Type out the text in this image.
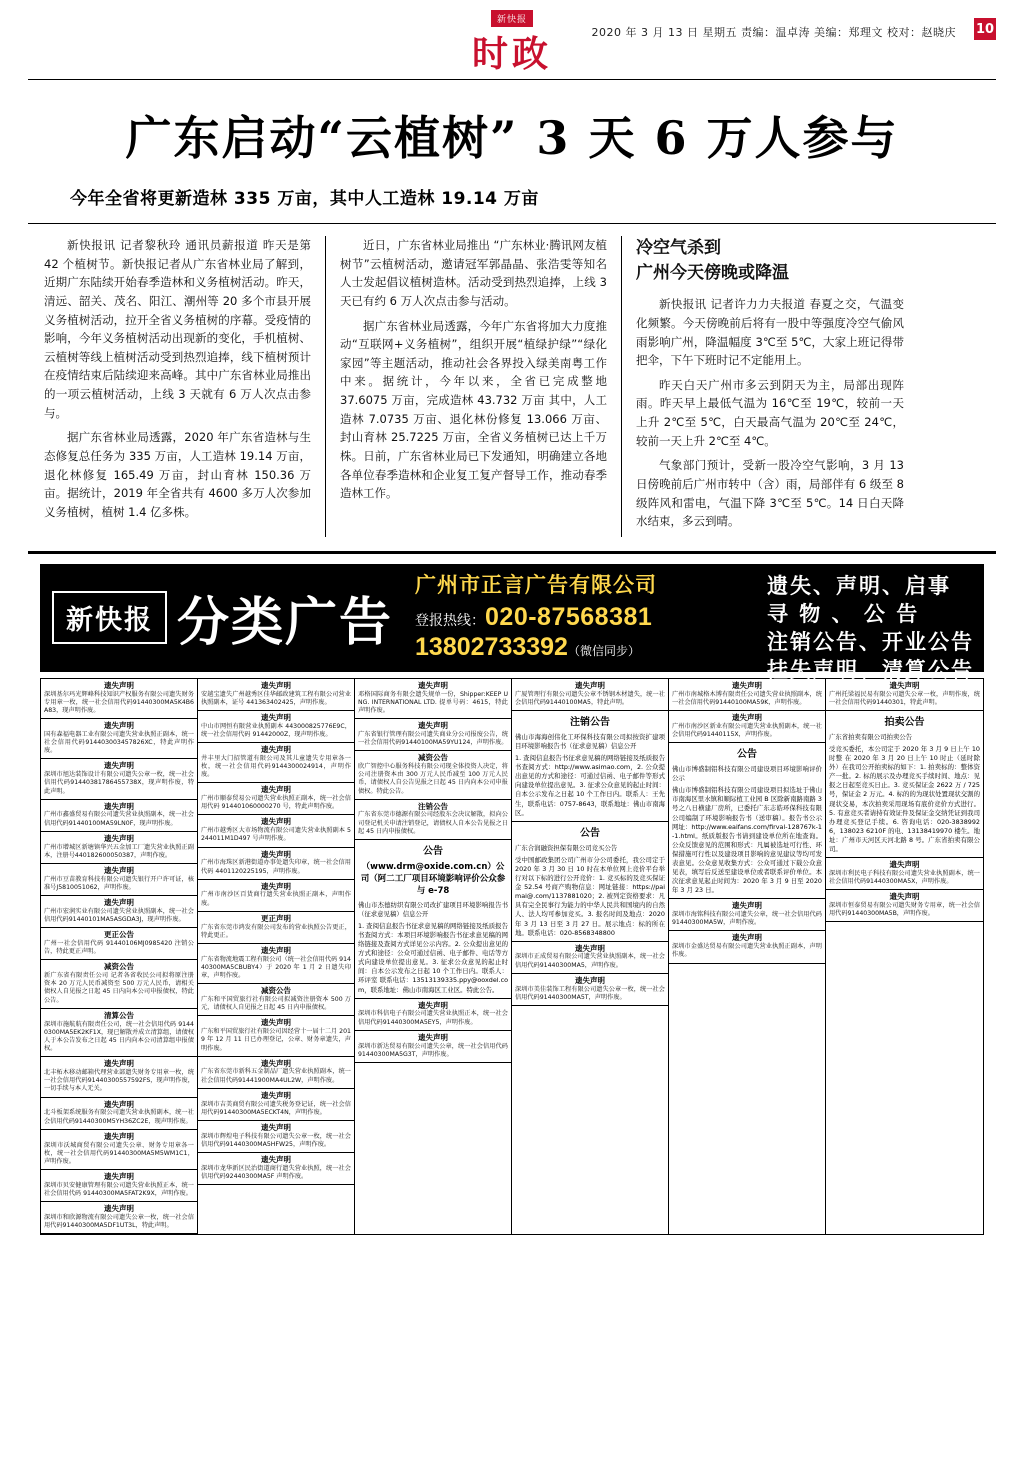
新快报
时政
2020 年 3 月 13 日 星期五 责编：温卓涛 美编：郑理文 校对：赵晓庆 10
广东启动“云植树” 3 天 6 万人参与
今年全省将更新造林 335 万亩，其中人工造林 19.14 万亩

新快报讯 记者黎秋玲 通讯员薪报道 昨天是第 42 个植树节。新快报记者从广东省林业局了解到，近期广东陆续开始春季造林和义务植树活动。昨天，清远、韶关、茂名、阳江、潮州等 20 多个市县开展义务植树活动，拉开全省义务植树的序幕。受疫情的影响，今年义务植树活动出现新的变化，手机植树、云植树等线上植树活动受到热烈追捧，线下植树预计在疫情结束后陆续迎来高峰。其中广东省林业局推出的一项云植树活动，上线 3 天就有 6 万人次点击参与。

据广东省林业局透露，2020 年广东省造林与生态修复总任务为 335 万亩，人工造林 19.14 万亩，退化林修复 165.49 万亩，封山育林 150.36 万亩。据统计，2019 年全省共有 4600 多万人次参加义务植树，植树 1.4 亿多株。

近日，广东省林业局推出 “广东林业·腾讯网友植树节”云植树活动，邀请冠军郭晶晶、张浩雯等知名人士发起倡议植树造林。活动受到热烈追捧，上线 3 天已有约 6 万人次点击参与活动。

据广东省林业局透露，今年广东省将加大力度推动“互联网+义务植树”，组织开展“植绿护绿”“绿化家园”等主题活动，推动社会各界投入绿美南粤工作中来。据统计，今年以来，全省已完成整地 37.6075 万亩，完成造林 43.732 万亩 其中，人工造林 7.0735 万亩、退化林份修复 13.066 万亩、封山育林 25.7225 万亩，全省义务植树已达上千万株。日前，广东省林业局已下发通知，明确建立各地各单位春季造林和企业复工复产督导工作，推动春季造林工作。

冷空气杀到
广州今天傍晚或降温

新快报讯 记者许力力夫报道 春夏之交，气温变化频繁。今天傍晚前后将有一股中等强度冷空气偷风雨影响广州，降温幅度 3℃至 5℃，大家上班记得带把伞，下午下班时记不定能用上。

昨天白天广州市多云到阴天为主，局部出现阵雨。昨天早上最低气温为 16℃至 19℃，较前一天上升 2℃至 5℃，白天最高气温为 20℃至 24℃，较前一天上升 2℃至 4℃。

气象部门预计，受新一股冷空气影响，3 月 13 日傍晚前后广州市转中（含）雨，局部伴有 6 级至 8 级阵风和雷电，气温下降 3℃至 5℃。14 日白天降水结束，多云到晴。

新快报 分类广告
广州市正言广告有限公司
登报热线：020-87568381
13802733392（微信同步）
遗失、声明、启事
寻 物 、 公 告
注销公告、开业公告
挂失声明、清算公告
遗失声明
深圳基尔玛光辉峰科技知识产权服务有限公司遗失财务专用章一枚，统一社会信用代码91440300MA5K4B6A83，现声明作废。
遗失声明
国有森福电器工业有限公司遗失营业执照正副本，统一社会信用代码914403003457826XC，特此声明作废。
遗失声明
深圳市旭达装饰设计有限公司遗失公章一枚，统一社会信用代码91440381786455738X，现声明作废，特此声明。
遗失声明
广州市鑫盛贸易有限公司遗失营业执照副本，统一社会信用代码91440100MA59LN0F，现声明作废。
遗失声明
广州市增城区新塘镇华兴五金加工厂遗失营业执照正副本，注册号440182600050387，声明作废。
遗失声明
广州市豆苗教育科技有限公司遗失银行开户许可证，核准号J5810051062，声明作废。
遗失声明
广州市宏润实业有限公司遗失营业执照副本，统一社会信用代码91440101MA5ASGDA3J，现声明作废。
更正公告
广州一社会信用代码 91440106MJ0985420 注销公告，特此更正声明。
减资公告
新广东省有限责任公司 记者各省收民公司拟将原注册资本 20 万元人民币减资至 500 万元人民币，请相关债权人自见报之日起 45 日内向本公司申报债权，特此公告。
清算公告
深圳市施航航有限责任公司，统一社会信用代码 91440300MA5EK2KF1X，现已解散并成立清算组，请债权人于本公告发布之日起 45 日内向本公司清算组申报债权。
遗失声明
北丰柘木移动邮箱代理营业部遗失财务专用章一枚，统一社会信用代码91440300557592FS，现声明作废，一切手续与本人无关。
遗失声明
北斗板架系统服务有限公司遗失营业执照副本，统一社会信用代码91440300M5YH36ZC2E，现声明作废。
遗失声明
深圳市沃城商贸有限公司遗失公章、财务专用章各一枚，统一社会信用代码91440300MA5M5WM1C1，声明作废。
遗失声明
深圳市贝安健康管理有限公司遗失营业执照正本，统一社会信用代码 91440300MA5FAT2K9X，声明作废。
遗失声明
深圳市和欣源物流有限公司遗失公章一枚，统一社会信用代码91440300MA5DF1UT3L，特此声明。
遗失声明
安越宝遗失广州越秀区佳华邮政建筑工程有限公司营业执照副本，证号 441363402425，声明作废。
遗失声明
中山市网恒有限营业执照副本 443000825776E9C，统一社会信用代码 91442000Z，现声明作废。
遗失声明
井丰里大门招管道有限公司及其儿童遗失专用章各一枚，统一社会信用代码9144300024914，声明作废。
遗失声明
广州市顺泰贸易公司遗失营业执照正副本，统一社会信用代码 914401060000270 号，特此声明作废。
遗失声明
广州市越秀区大市场物流有限公司遗失营业执照副本 5244011M1D497 号声明作废。
遗失声明
广州市海珠区新港街道办事处遗失印章，统一社会信用代码 4401120225195，声明作废。
遗失声明
广州市南沙区百货商行遗失营业执照正副本，声明作废。
更正声明
广东省东莞市鸿发有限公司发布的营业执照公告更正，特此更正。
遗失声明
广东省物流地震工程有限公司（统一社会信用代码 91440300MA5CBUBY4）于 2020 年 1 月 2 日遗失印章，声明作废。
减资公告
广东和平国贸旅行社有限公司拟减资注册资本 500 万元，请债权人自见报之日起 45 日内申报债权。
遗失声明
广东和平国贸旅行社有限公司因经营十一届十二月 2019 年 12 月 11 日已办理登记，公章、财务章遗失，声明作废。
遗失声明
广东省东莞市新科五金制品厂遗失营业执照副本，统一社会信用代码91441900MA4UL2W，声明作废。
遗失声明
深圳市吉美商贸有限公司遗失税务登记证，统一社会信用代码91440300MA5ECKT4N，声明作废。
遗失声明
深圳市辉煌电子科技有限公司遗失公章一枚，统一社会信用代码91440300MA5HFW25，声明作废。
遗失声明
深圳市龙华新区民治街道商行遗失营业执照，统一社会信用代码92440300MA5F 声明作废。
遗失声明
邓格国际商务有限会遗失规单一份，Shipper:KEEP UNG. INTERNATIONAL LTD. 提单号码：4615，特此声明作废。
遗失声明
广东省银行管理有限公司遗失商业分公司报废公告，统一社会信用代码91440100MA59YU124，声明作废。
减资公告
欣广智控中心服务科技有限公司现全体投资人决定，将公司注册资本由 300 万元人民币减至 100 万元人民币，请债权人自公告见报之日起 45 日内向本公司申报债权。特此公告。
注销公告
广东省东莞市德源有限公司经股东会决议解散，拟向公司登记机关申请注销登记，请债权人自本公告见报之日起 45 日内申报债权。
公告
（www.drm@oxide.com.cn）公司（阿二工厂项目环境影响评价公众参与 e-78
佛山市杰德纺织有限公司改扩建项目环境影响报告书（征求意见稿）信息公开
1. 查阅信息报告书征求意见稿的网络链接及纸质报告书查阅方式：本项目环境影响报告书征求意见稿的网络链接及查阅方式详见公示内容。2. 公众提出意见的方式和途径：公众可通过信函、电子邮件、电话等方式向建设单位提出意见。3. 征求公众意见的起止时间：自本公示发布之日起 10 个工作日内。联系人：环评室 联系电话：13513139335.ppy@ooxdel.com，联系地址：佛山市南海区工业区。特此公告。
遗失声明
深圳市科信电子有限公司遗失营业执照正本，统一社会信用代码91440300MA5EY5，声明作废。
遗失声明
深圳市新达贸易有限公司遗失公章，统一社会信用代码91440300MA5G3T，声明作废。
遗失声明
广厦管理行有限公司遗失公章不锈钢木材遗失，统一社会信用代码91440100MA5，特此声明。
注销公告
佛山市海海创伟化工环保科技有限公司拟按资扩建项目环境影响报告书（征求意见稿）信息公开
1. 查阅信息报告书征求意见稿的网络链接及纸质报告书查阅方式：http://www.asimao.com，2. 公众提出意见的方式和途径：可通过信函、电子邮件等形式向建设单位提出意见。3. 征求公众意见的起止时间：自本公示发布之日起 10 个工作日内。联系人：王先生，联系电话：0757-8643，联系地址：佛山市南海区。
公告
广东合润融资担保有限公司竞买公告
受中国邮政集团公司广州市分公司委托，我公司定于 2020 年 3 月 30 日 10 时在本单位网上竞价平台举行对以下标的进行公开竞价：1. 竞买标的及竞买保证金 52.54 号商产购物信息：网址链接：https://paimai@.com/1137881020；2. 被列定资格要求：凡具有完全民事行为能力的中华人民共和国境内的自然人、法人均可参加竞买。3. 报名时间及地点：2020 年 3 月 13 日至 3 月 27 日。展示地点：标的所在地。联系电话：020-8568348800
遗失声明
深圳市正成贸易有限公司遗失营业执照副本，统一社会信用代码91440300MA5，声明作废。
遗失声明
深圳市美佳装饰工程有限公司遗失公章一枚，统一社会信用代码91440300MA5T，声明作废。
遗失声明
广州市南城格木博有限责任公司遗失营业执照副本，统一社会信用代码91440100MA59K，声明作废。
遗失声明
广州市南沙区新业有限公司遗失营业执照副本，统一社会信用代码91440115X，声明作废。
公告
佛山市博盛制铝科技有限公司建设项目环境影响评价公示
佛山市博盛制铝科技有限公司建设项目拟选址于佛山市南海区里水镇和顺际植工业园 B 区除新南路南路 3 号之八日横建厂房所，已委托广东志皓环保科技有限公司编制了环境影响报告书（送审稿）。报告书公示网址：http://www.eaifans.com/firval-128767k-1-1.html。纸质版报告书请到建设单位所在地查询。公众反馈意见的范围和形式：凡属被选址可行性、环保措施可行性以及建设项目影响的意见建议等均可发表意见。公众意见收集方式：公众可通过下载公众意见表，填写后反送至建设单位或者联系评价单位。本次征求意见起止时间为：2020 年 3 月 9 日至 2020 年 3 月 23 日。
遗失声明
深圳市海铭科技有限公司遗失公章，统一社会信用代码91440300MA5W，声明作废。
遗失声明
深圳市金盛达贸易有限公司遗失营业执照正副本，声明作废。
遗失声明
广州托梁福民易有限公司遗失公章一枚，声明作废，统一社会信用代码91440301，特此声明。
拍卖公告
广东省拍卖有限公司拍卖公告
受竞买委托，本公司定于 2020 年 3 月 9 日上午 10 时整 在 2020 年 3 月 20 日上午 10 时止（延时除外）在我司公开拍卖标的如下：1. 拍卖标的：整体资产一批。2. 标的展示及办理竞买手续时间、地点：见报之日起至竞买日止。3. 竞买保证金 2622 万 / 725 号，保证金 2 万元。4. 标的的为现状处置现状交割的现状交易，本次拍卖采用现场有底价竞价方式进行。5. 有意竞买者请持有效证件及保证金交纳凭证到我司办理竞买登记手续。6. 咨询电话：020-38389926，138023 6210F 的电、13138419970 楼生。地址：广州市天河区天河北路 8 号。广东省拍卖有限公司。
遗失声明
深圳市利民电子科技有限公司遗失营业执照副本，统一社会信用代码91440300MA5X，声明作废。
遗失声明
深圳市恒泰贸易有限公司遗失财务专用章，统一社会信用代码91440300MA5B，声明作废。
